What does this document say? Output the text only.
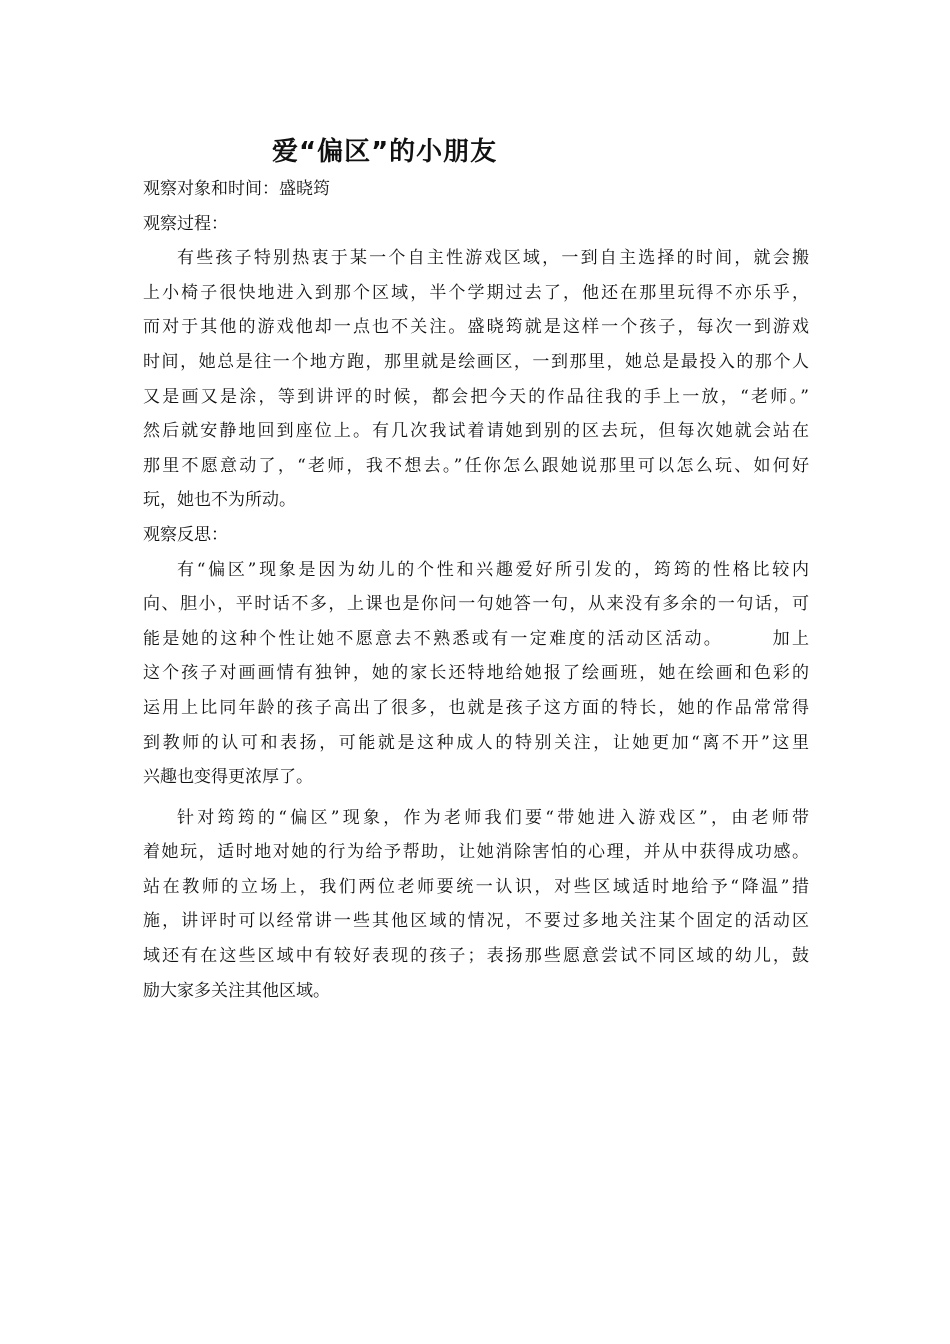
爱“偏区”的小朋友
观察对象和时间：盛晓筠
观察过程：
有些孩子特别热衷于某一个自主性游戏区域，一到自主选择的时间，就会搬
上小椅子很快地进入到那个区域，半个学期过去了，他还在那里玩得不亦乐乎，
而对于其他的游戏他却一点也不关注。盛晓筠就是这样一个孩子，每次一到游戏
时间，她总是往一个地方跑，那里就是绘画区，一到那里，她总是最投入的那个人
又是画又是涂，等到讲评的时候，都会把今天的作品往我的手上一放，“老师。”
然后就安静地回到座位上。有几次我试着请她到别的区去玩，但每次她就会站在
那里不愿意动了，“老师，我不想去。”任你怎么跟她说那里可以怎么玩、如何好
玩，她也不为所动。
观察反思：
有“偏区”现象是因为幼儿的个性和兴趣爱好所引发的，筠筠的性格比较内
向、胆小，平时话不多，上课也是你问一句她答一句，从来没有多余的一句话，可
能是她的这种个性让她不愿意去不熟悉或有一定难度的活动区活动。　　　加上
这个孩子对画画情有独钟，她的家长还特地给她报了绘画班，她在绘画和色彩的
运用上比同年龄的孩子高出了很多，也就是孩子这方面的特长，她的作品常常得
到教师的认可和表扬，可能就是这种成人的特别关注，让她更加“离不开”这里
兴趣也变得更浓厚了。
针对筠筠的“偏区”现象，作为老师我们要“带她进入游戏区”，由老师带
着她玩，适时地对她的行为给予帮助，让她消除害怕的心理，并从中获得成功感。
站在教师的立场上，我们两位老师要统一认识，对些区域适时地给予“降温”措
施，讲评时可以经常讲一些其他区域的情况，不要过多地关注某个固定的活动区
域还有在这些区域中有较好表现的孩子；表扬那些愿意尝试不同区域的幼儿，鼓
励大家多关注其他区域。
